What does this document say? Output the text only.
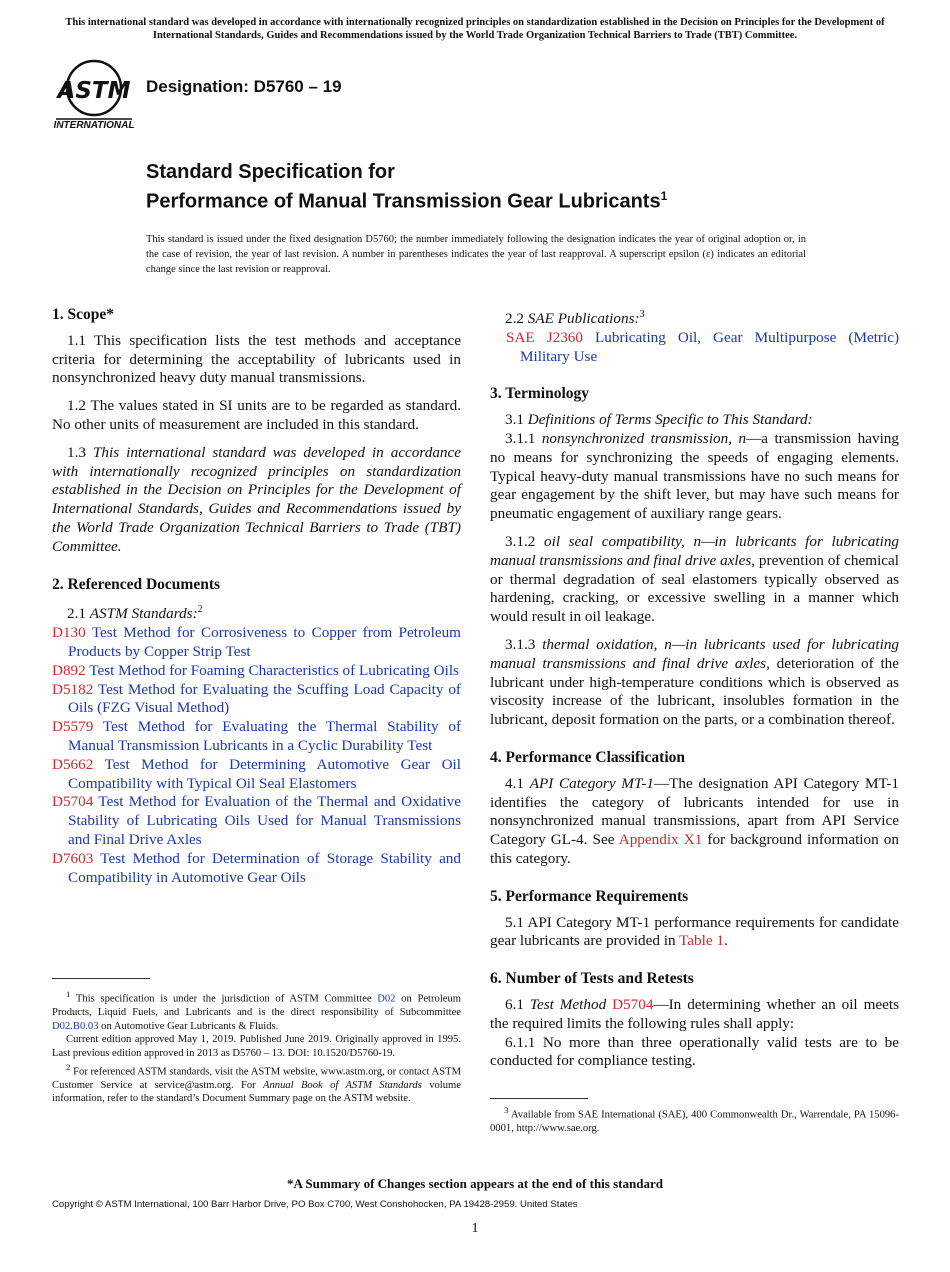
This international standard was developed in accordance with internationally recognized principles on standardization established in the Decision on Principles for the Development of International Standards, Guides and Recommendations issued by the World Trade Organization Technical Barriers to Trade (TBT) Committee.
ASTM
INTERNATIONAL
Designation: D5760 – 19
Standard Specification for
Performance of Manual Transmission Gear Lubricants$^1$
This standard is issued under the fixed designation D5760; the number immediately following the designation indicates the year of original adoption or, in the case of revision, the year of last revision. A number in parentheses indicates the year of last reapproval. A superscript epsilon (ε) indicates an editorial change since the last revision or reapproval.
1. Scope*

1.1 This specification lists the test methods and acceptance criteria for determining the acceptability of lubricants used in nonsynchronized heavy duty manual transmissions.

1.2 The values stated in SI units are to be regarded as standard. No other units of measurement are included in this standard.

1.3 This international standard was developed in accordance with internationally recognized principles on standardization established in the Decision on Principles for the Development of International Standards, Guides and Recommendations issued by the World Trade Organization Technical Barriers to Trade (TBT) Committee.

2. Referenced Documents

2.1 ASTM Standards:$^2$

D130 Test Method for Corrosiveness to Copper from Petroleum Products by Copper Strip Test

D892 Test Method for Foaming Characteristics of Lubricating Oils

D5182 Test Method for Evaluating the Scuffing Load Capacity of Oils (FZG Visual Method)

D5579 Test Method for Evaluating the Thermal Stability of Manual Transmission Lubricants in a Cyclic Durability Test

D5662 Test Method for Determining Automotive Gear Oil Compatibility with Typical Oil Seal Elastomers

D5704 Test Method for Evaluation of the Thermal and Oxidative Stability of Lubricating Oils Used for Manual Transmissions and Final Drive Axles

D7603 Test Method for Determination of Storage Stability and Compatibility in Automotive Gear Oils

$^1$ This specification is under the jurisdiction of ASTM Committee D02 on Petroleum Products, Liquid Fuels, and Lubricants and is the direct responsibility of Subcommittee D02.B0.03 on Automotive Gear Lubricants & Fluids.

Current edition approved May 1, 2019. Published June 2019. Originally approved in 1995. Last previous edition approved in 2013 as D5760 – 13. DOI: 10.1520/D5760-19.

$^2$ For referenced ASTM standards, visit the ASTM website, www.astm.org, or contact ASTM Customer Service at service@astm.org. For Annual Book of ASTM Standards volume information, refer to the standard’s Document Summary page on the ASTM website.

2.2 SAE Publications:$^3$

SAE J2360 Lubricating Oil, Gear Multipurpose (Metric) Military Use

3. Terminology

3.1 Definitions of Terms Specific to This Standard:

3.1.1 nonsynchronized transmission, n—a transmission having no means for synchronizing the speeds of engaging elements. Typical heavy-duty manual transmissions have no such means for gear engagement by the shift lever, but may have such means for pneumatic engagement of auxiliary range gears.

3.1.2 oil seal compatibility, n—in lubricants for lubricating manual transmissions and final drive axles, prevention of chemical or thermal degradation of seal elastomers typically observed as hardening, cracking, or excessive swelling in a manner which would result in oil leakage.

3.1.3 thermal oxidation, n—in lubricants used for lubricating manual transmissions and final drive axles, deterioration of the lubricant under high-temperature conditions which is observed as viscosity increase of the lubricant, insolubles formation in the lubricant, deposit formation on the parts, or a combination thereof.

4. Performance Classification

4.1 API Category MT-1—The designation API Category MT-1 identifies the category of lubricants intended for use in nonsynchronized manual transmissions, apart from API Service Category GL-4. See Appendix X1 for background information on this category.

5. Performance Requirements

5.1 API Category MT-1 performance requirements for candidate gear lubricants are provided in Table 1.

6. Number of Tests and Retests

6.1 Test Method D5704—In determining whether an oil meets the required limits the following rules shall apply:

6.1.1 No more than three operationally valid tests are to be conducted for compliance testing.

$^3$ Available from SAE International (SAE), 400 Commonwealth Dr., Warrendale, PA 15096-0001, http://www.sae.org.

*A Summary of Changes section appears at the end of this standard
Copyright © ASTM International, 100 Barr Harbor Drive, PO Box C700, West Conshohocken, PA 19428-2959. United States
1
